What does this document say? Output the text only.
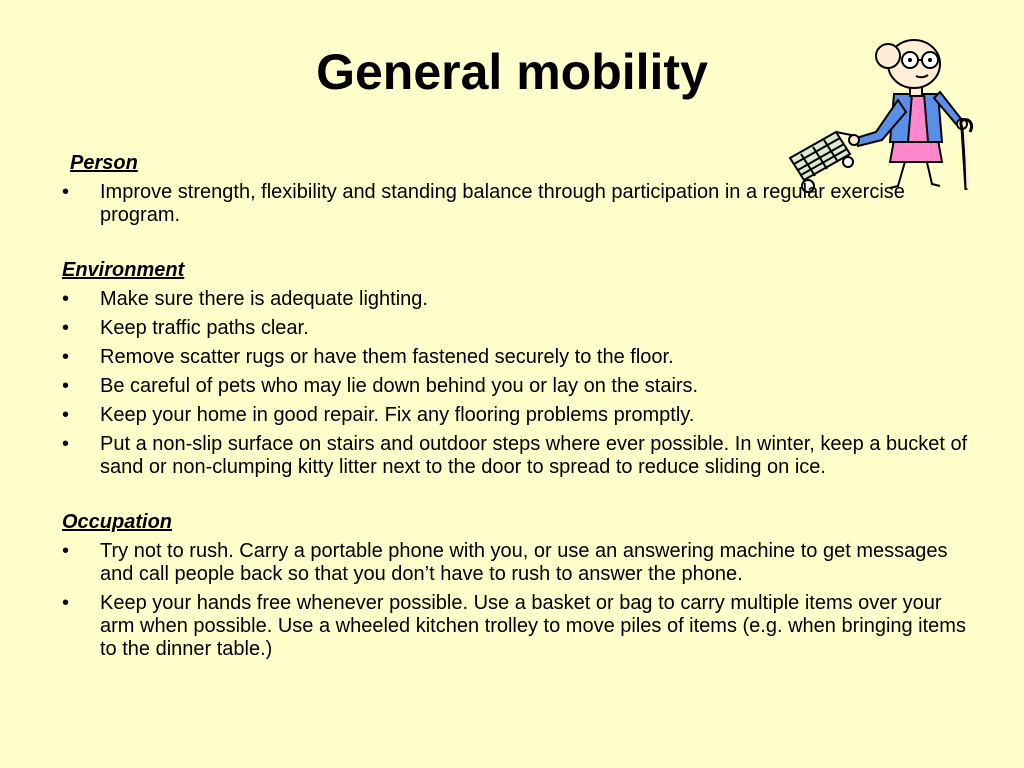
General mobility
Person
• Improve strength, flexibility and standing balance through participation in a regular exercise program.
Environment
• Make sure there is adequate lighting.
• Keep traffic paths clear.
• Remove scatter rugs or have them fastened securely to the floor.
• Be careful of pets who may lie down behind you or lay on the stairs.
• Keep your home in good repair. Fix any flooring problems promptly.
• Put a non-slip surface on stairs and outdoor steps where ever possible. In winter, keep a bucket of sand or non-clumping kitty litter next to the door to spread to reduce sliding on ice.
Occupation
• Try not to rush. Carry a portable phone with you, or use an answering machine to get messages and call people back so that you don’t have to rush to answer the phone.
• Keep your hands free whenever possible. Use a basket or bag to carry multiple items over your arm when possible. Use a wheeled kitchen trolley to move piles of items (e.g. when bringing items to the dinner table.)
